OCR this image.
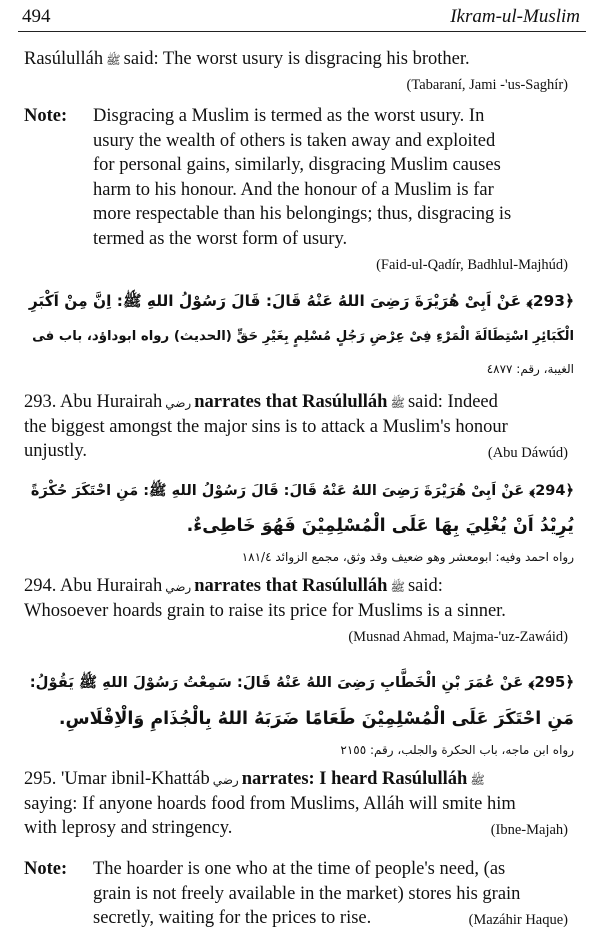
494	Ikram-ul-Muslim
Rasúlulláh ﷺ said: The worst usury is disgracing his brother.
(Tabaraní, Jami -'us-Saghír)
Note: Disgracing a Muslim is termed as the worst usury. In
usury the wealth of others is taken away and exploited
for personal gains, similarly, disgracing Muslim causes
harm to his honour. And the honour of a Muslim is far
more respectable than his belongings; thus, disgracing is
termed as the worst form of usury.
(Faid-ul-Qadír, Badhlul-Majhúd)
﴿293﴾ عَنْ اَبِیْ هُرَیْرَةَ رَضِیَ اللهُ عَنْهُ قَالَ: قَالَ رَسُوْلُ اللهِ ﷺ: اِنَّ مِنْ اَكْبَرِ
الْكَبَائِرِ اسْتِطَالَةَ الْمَرْءِ فِیْ عِرْضِ رَجُلٍ مُسْلِمٍ بِغَيْرِ حَقٍّ (الحديث) رواه ابوداؤد، باب فی
الغيبة، رقم: ٤٨٧٧
293. Abu Hurairah رضي narrates that Rasúlulláh ﷺ said: Indeed
the biggest amongst the major sins is to attack a Muslim's honour
unjustly.	(Abu Dáwúd)
﴿294﴾ عَنْ اَبِیْ هُرَیْرَةَ رَضِیَ اللهُ عَنْهُ قَالَ: قَالَ رَسُوْلُ اللهِ ﷺ: مَنِ احْتَكَرَ حُكْرَةً
يُرِيْدُ اَنْ يُغْلِيَ بِهَا عَلَى الْمُسْلِمِيْنَ فَهُوَ خَاطِیءٌ.
رواه احمد وفيه: ابومعشر وهو ضعيف وقد وثق، مجمع الزوائد ١٨١/٤
294. Abu Hurairah رضي narrates that Rasúlulláh ﷺ said:
Whosoever hoards grain to raise its price for Muslims is a sinner.
(Musnad Ahmad, Majma-'uz-Zawáid)
﴿295﴾ عَنْ عُمَرَ بْنِ الْخَطَّابِ رَضِیَ اللهُ عَنْهُ قَالَ: سَمِعْتُ رَسُوْلَ اللهِ ﷺ يَقُوْلُ:
مَنِ احْتَكَرَ عَلَى الْمُسْلِمِيْنَ طَعَامًا ضَرَبَهُ اللهُ بِالْجُذَامِ وَالْاِفْلَاسِ.
رواه ابن ماجه، باب الحكرة والجلب، رقم: ٢١٥٥
295. 'Umar ibnil-Khattáb رضي narrates: I heard Rasúlulláh ﷺ
saying: If anyone hoards food from Muslims, Alláh will smite him
with leprosy and stringency.	(Ibne-Majah)
Note: The hoarder is one who at the time of people's need, (as
grain is not freely available in the market) stores his grain
secretly, waiting for the prices to rise.	(Mazáhir Haque)
